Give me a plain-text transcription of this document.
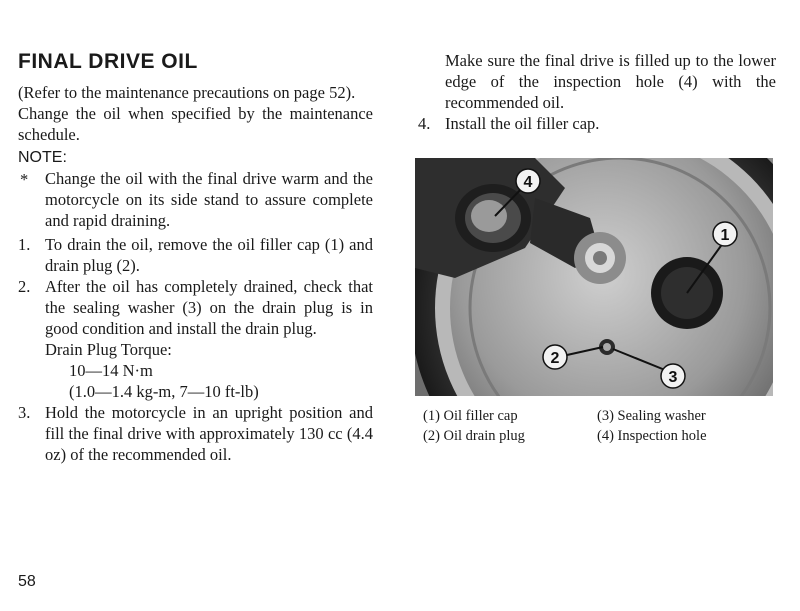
FINAL DRIVE OIL

(Refer to the maintenance precautions on page 52).

Change the oil when specified by the maintenance schedule.

NOTE:
* Change the oil with the final drive warm and the motorcycle on its side stand to assure complete and rapid draining.
1. To drain the oil, remove the oil filler cap (1) and drain plug (2).
2. After the oil has completely drained, check that the sealing washer (3) on the drain plug is in good condition and install the drain plug.
Drain Plug Torque:
10—14 N·m
(1.0—1.4 kg-m, 7—10 ft-lb)
3. Hold the motorcycle in an upright position and fill the final drive with approximately 130 cc (4.4 oz) of the recommended oil.
Make sure the final drive is filled up to the lower edge of the inspection hole (4) with the recommended oil.
4. Install the oil filler cap.
1
2
3
4
(1) Oil filler cap
(2) Oil drain plug
(3) Sealing washer
(4) Inspection hole
58
